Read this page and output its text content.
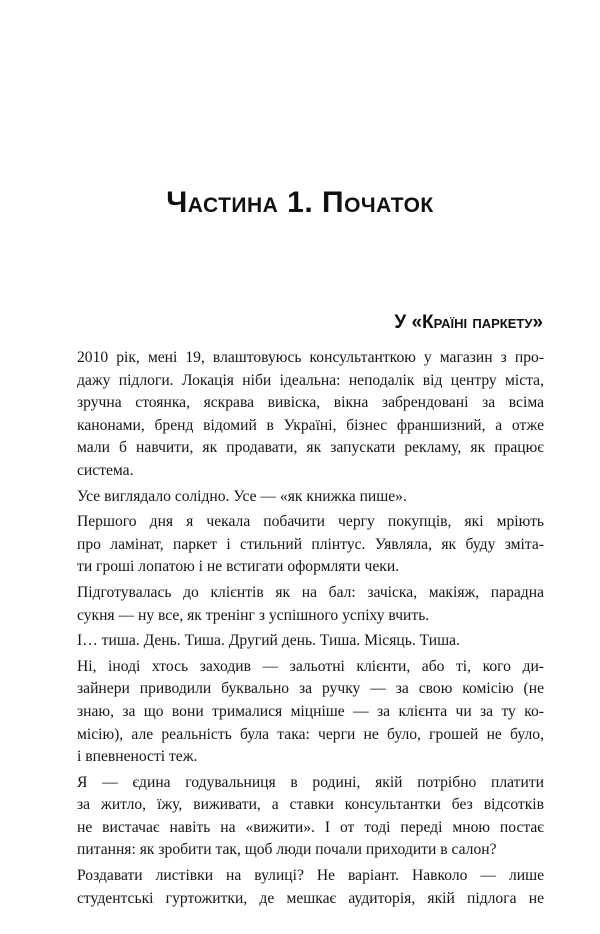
Частина 1. Початок
У «Країні паркету»
2010 рік, мені 19, влаштовуюсь консультанткою у магазин з про-
дажу підлоги. Локація ніби ідеальна: неподалік від центру міста,
зручна стоянка, яскрава вивіска, вікна забрендовані за всіма
канонами, бренд відомий в Україні, бізнес франшизний, а отже
мали б навчити, як продавати, як запускати рекламу, як працює
система.
Усе виглядало солідно. Усе — «як книжка пише».
Першого дня я чекала побачити чергу покупців, які мріють
про ламінат, паркет і стильний плінтус. Уявляла, як буду зміта-
ти гроші лопатою і не встигати оформляти чеки.
Підготувалась до клієнтів як на бал: зачіска, макіяж, парадна
сукня — ну все, як тренінг з успішного успіху вчить.
І… тиша. День. Тиша. Другий день. Тиша. Місяць. Тиша.
Ні, іноді хтось заходив — зальотні клієнти, або ті, кого ди-
зайнери приводили буквально за ручку — за свою комісію (не
знаю, за що вони трималися міцніше — за клієнта чи за ту ко-
місію), але реальність була така: черги не було, грошей не було,
і впевненості теж.
Я — єдина годувальниця в родині, якій потрібно платити
за житло, їжу, виживати, а ставки консультантки без відсотків
не вистачає навіть на «вижити». І от тоді переді мною постає
питання: як зробити так, щоб люди почали приходити в салон?
Роздавати листівки на вулиці? Не варіант. Навколо — лише
студентські гуртожитки, де мешкає аудиторія, якій підлога не
